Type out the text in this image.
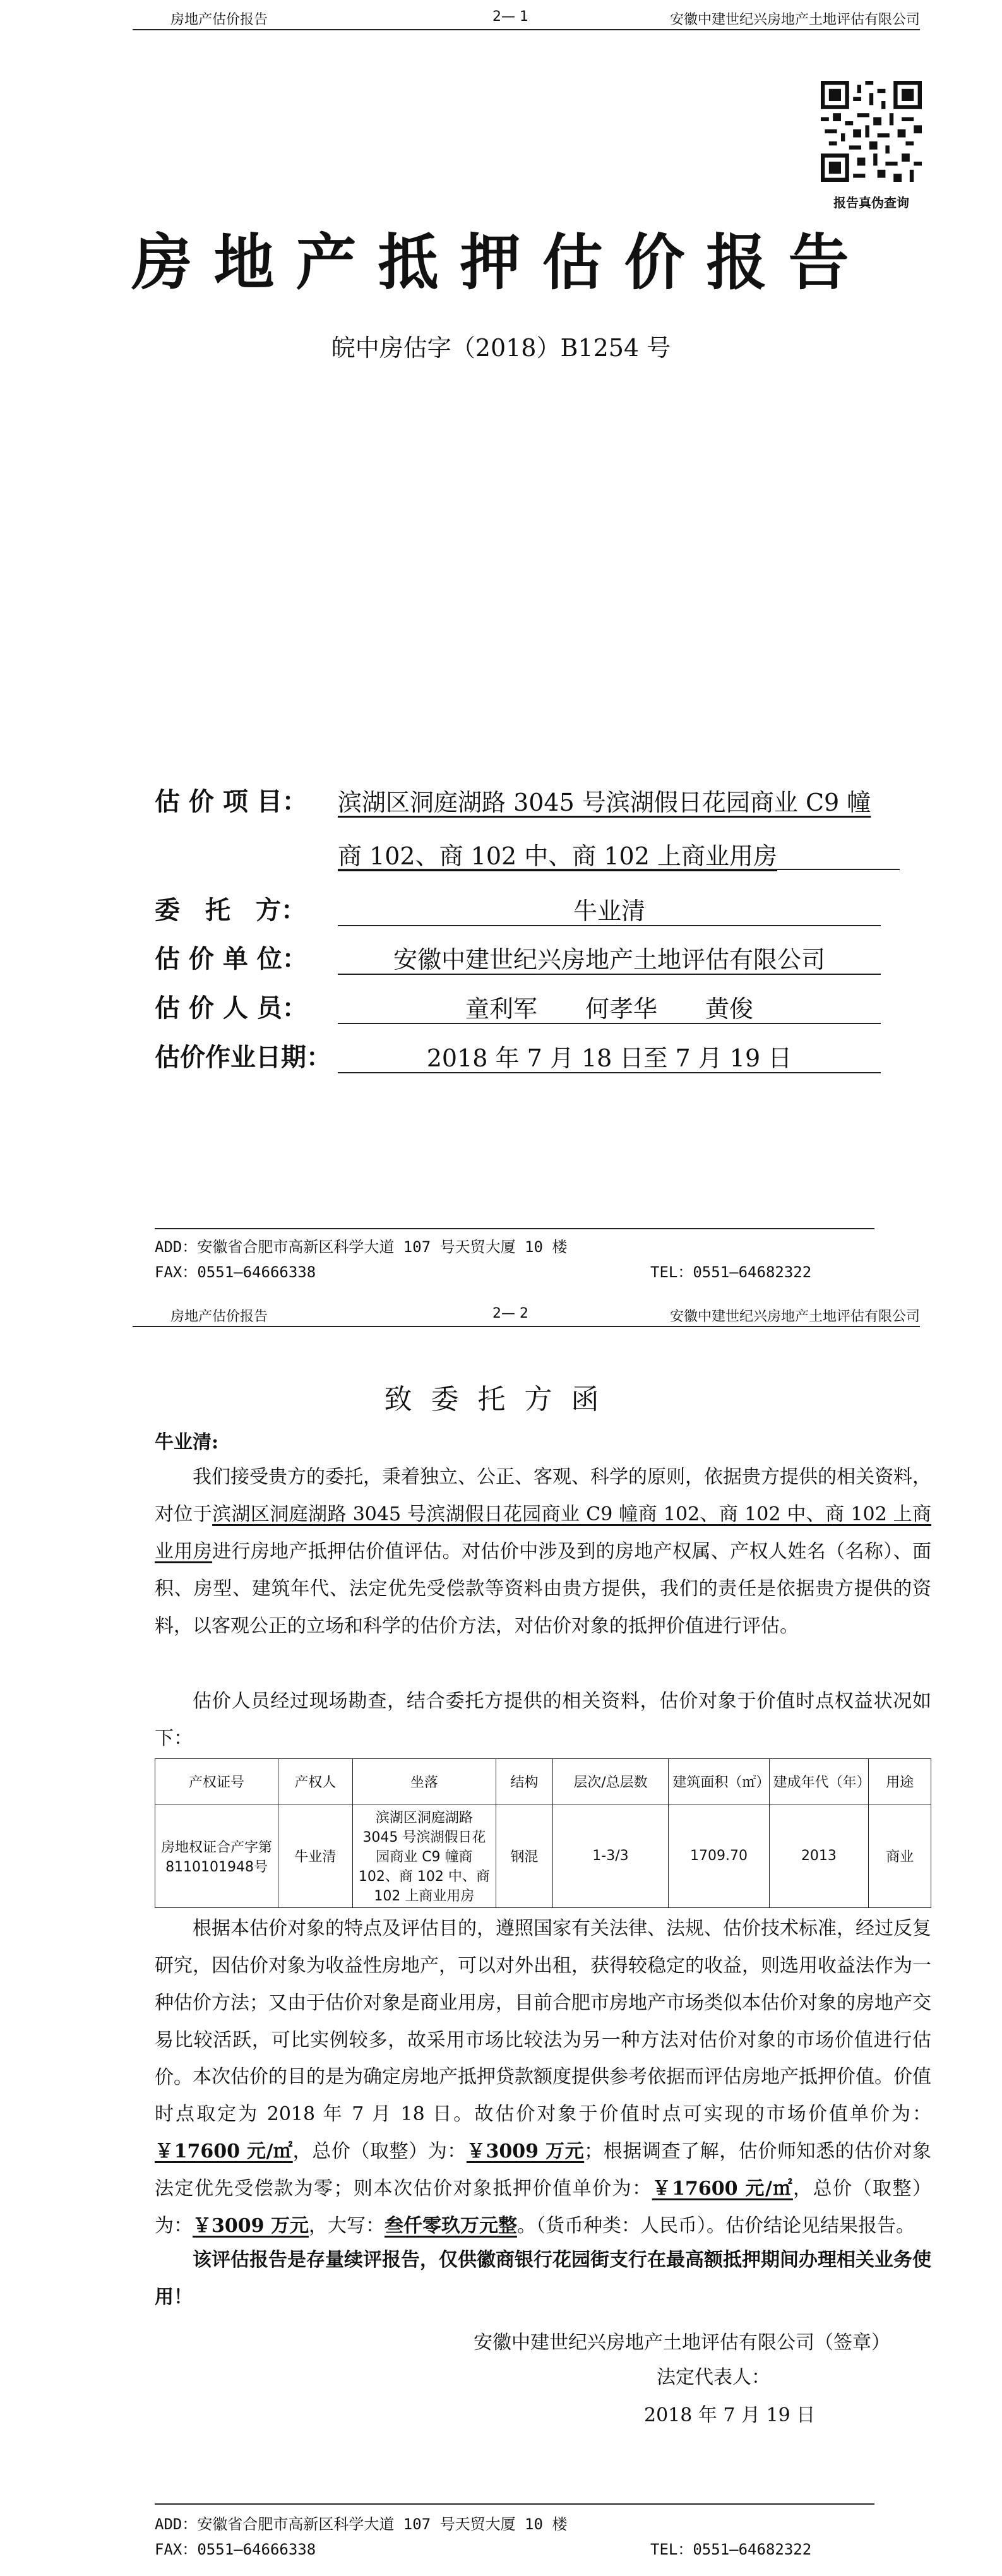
房地产估价报告	2— 1	安徽中建世纪兴房地产土地评估有限公司
报告真伪查询
房地产抵押估价报告
皖中房估字（2018）B1254 号
估 价 项 目： 滨湖区洞庭湖路 3045 号滨湖假日花园商业 C9 幢
商 102、商 102 中、商 102 上商业用房
委　托　方：	牛业清
估 价 单 位：	安徽中建世纪兴房地产土地评估有限公司
估 价 人 员：	童利军　　何孝华　　黄俊
估价作业日期：	2018 年 7 月 18 日至 7 月 19 日
ADD：安徽省合肥市高新区科学大道 107 号天贸大厦 10 楼
FAX：0551—64666338	TEL：0551—64682322
房地产估价报告	2— 2	安徽中建世纪兴房地产土地评估有限公司
致委托方函
牛业清:
我们接受贵方的委托，秉着独立、公正、客观、科学的原则，依据贵方提供的相关资料，对位于滨湖区洞庭湖路 3045 号滨湖假日花园商业 C9 幢商 102、商 102 中、商 102 上商业用房进行房地产抵押估价值评估。对估价中涉及到的房地产权属、产权人姓名（名称）、面积、房型、建筑年代、法定优先受偿款等资料由贵方提供，我们的责任是依据贵方提供的资料，以客观公正的立场和科学的估价方法，对估价对象的抵押价值进行评估。
估价人员经过现场勘查，结合委托方提供的相关资料，估价对象于价值时点权益状况如下：
产权证号	产权人	坐落	结构	层次/总层数	建筑面积（㎡）	建成年代（年）	用途
房地权证合产字第 8110101948号	牛业清	滨湖区洞庭湖路 3045 号滨湖假日花园商业 C9 幢商 102、商 102 中、商102 上商业用房	钢混	1-3/3	1709.70	2013	商业
根据本估价对象的特点及评估目的，遵照国家有关法律、法规、估价技术标准，经过反复研究，因估价对象为收益性房地产，可以对外出租，获得较稳定的收益，则选用收益法作为一种估价方法；又由于估价对象是商业用房，目前合肥市房地产市场类似本估价对象的房地产交易比较活跃，可比实例较多，故采用市场比较法为另一种方法对估价对象的市场价值进行估价。 本次估价的目的是为确定房地产抵押贷款额度提供参考依据而评估房地产抵押价值。价值时点取定为 2018 年 7 月 18 日。故估价对象于价值时点可实现的市场价值单价为：￥17600 元/㎡，总价（取整）为：￥3009 万元；根据调查了解，估价师知悉的估价对象法定优先受偿款为零；则本次估价对象抵押价值单价为：￥17600 元/㎡，总价（取整）为：￥3009 万元，大写：叁仟零玖万元整。（货币种类：人民币）。估价结论见结果报告。
该评估报告是存量续评报告，仅供徽商银行花园街支行在最高额抵押期间办理相关业务使用！
安徽中建世纪兴房地产土地评估有限公司（签章）
法定代表人：
2018 年 7 月 19 日
ADD：安徽省合肥市高新区科学大道 107 号天贸大厦 10 楼
FAX：0551—64666338	TEL：0551—64682322
